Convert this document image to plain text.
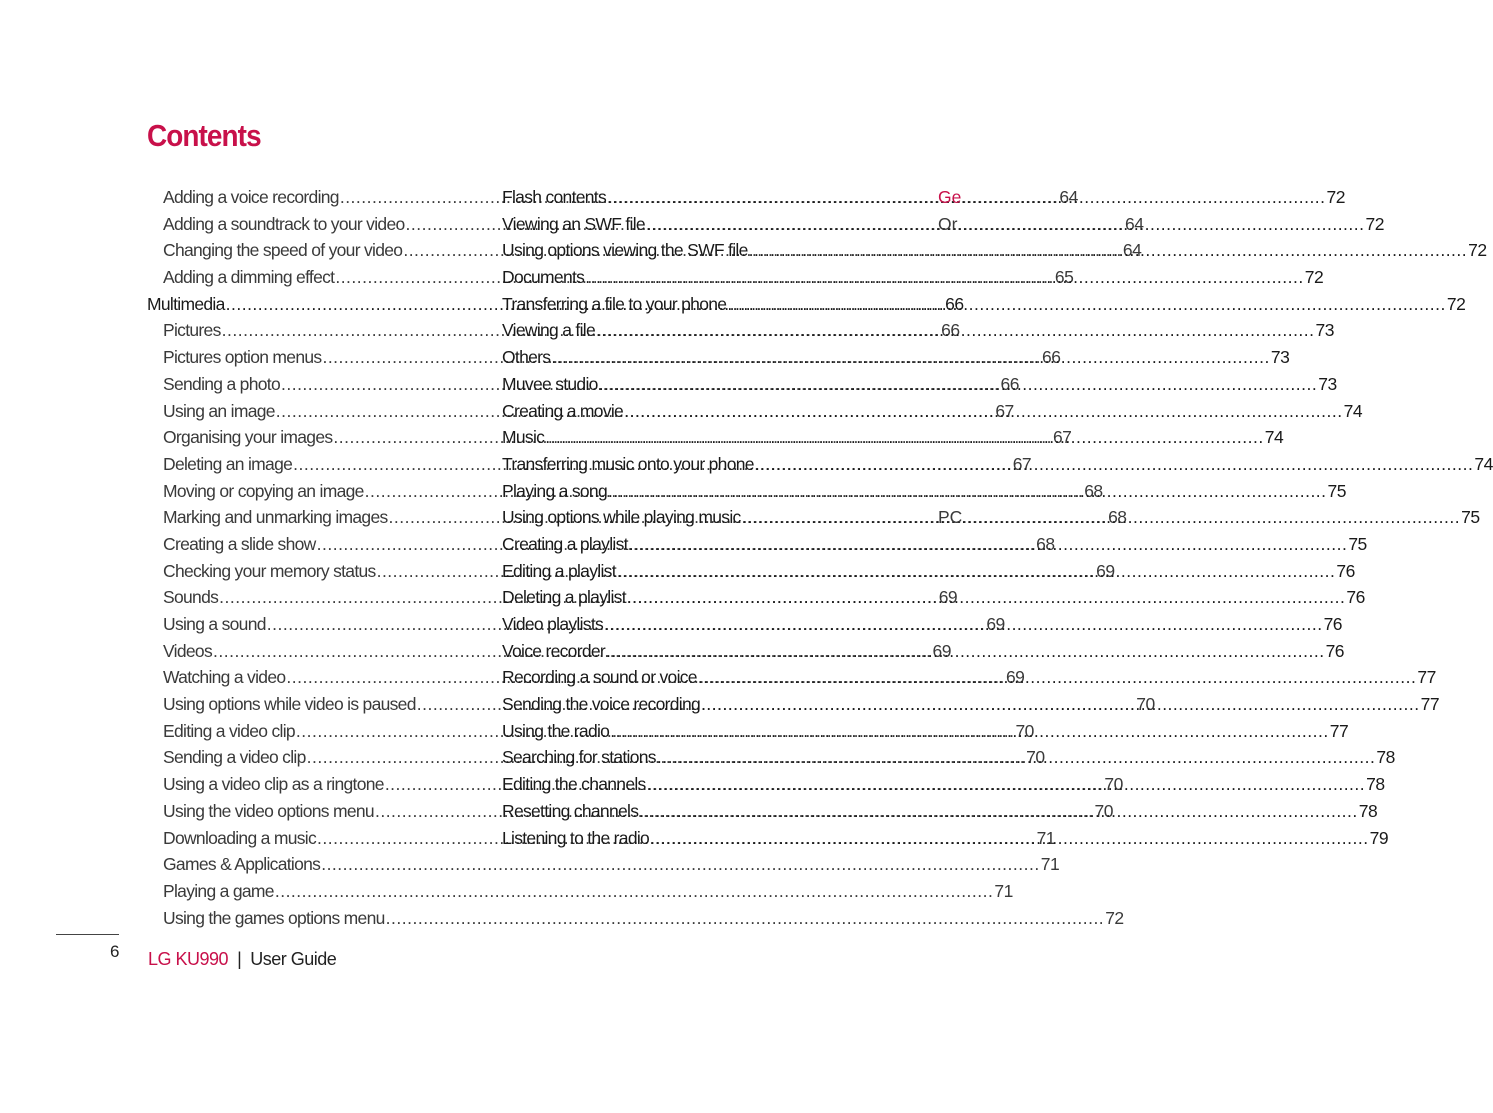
Contents
Adding a voice recording .....	64
Adding a soundtrack to your video .....	64
Changing the speed of your video .....	64
Adding a dimming effect .....	65
Multimedia .....	66
Pictures .....	66
Pictures option menus .....	66
Sending a photo .....	66
Using an image .....	67
Organising your images .....	67
Deleting an image .....	67
Moving or copying an image .....	68
Marking and unmarking images .....	68
Creating a slide show .....	68
Checking your memory status .....	69
Sounds .....	69
Using a sound .....	69
Videos .....	69
Watching a video .....	69
Using options while video is paused .....	70
Editing a video clip .....	70
Sending a video clip .....	70
Using a video clip as a ringtone .....	70
Using the video options menu .....	70
Downloading a music .....	71
Games & Applications .....	71
Playing a game .....	71
Using the games options menu .....	72
Flash contents .....	72
Viewing an SWF file .....	72
Using options viewing the SWF file .....	72
Documents .....	72
Transferring a file to your phone .....	72
Viewing a file .....	73
Others .....	73
Muvee studio .....	73
Creating a movie .....	74
Music .....	74
Transferring music onto your phone .....	74
Playing a song .....	75
Using options while playing music .....	75
Creating a playlist .....	75
Editing a playlist .....	76
Deleting a playlist .....	76
Video playlists .....	76
Voice recorder .....	76
Recording a sound or voice .....	77
Sending the voice recording .....	77
Using the radio .....	77
Searching for stations .....	78
Editing the channels .....	78
Resetting channels .....	78
Listening to the radio .....	79
Ge
Or
PC
6 LG KU990 | User Guide
